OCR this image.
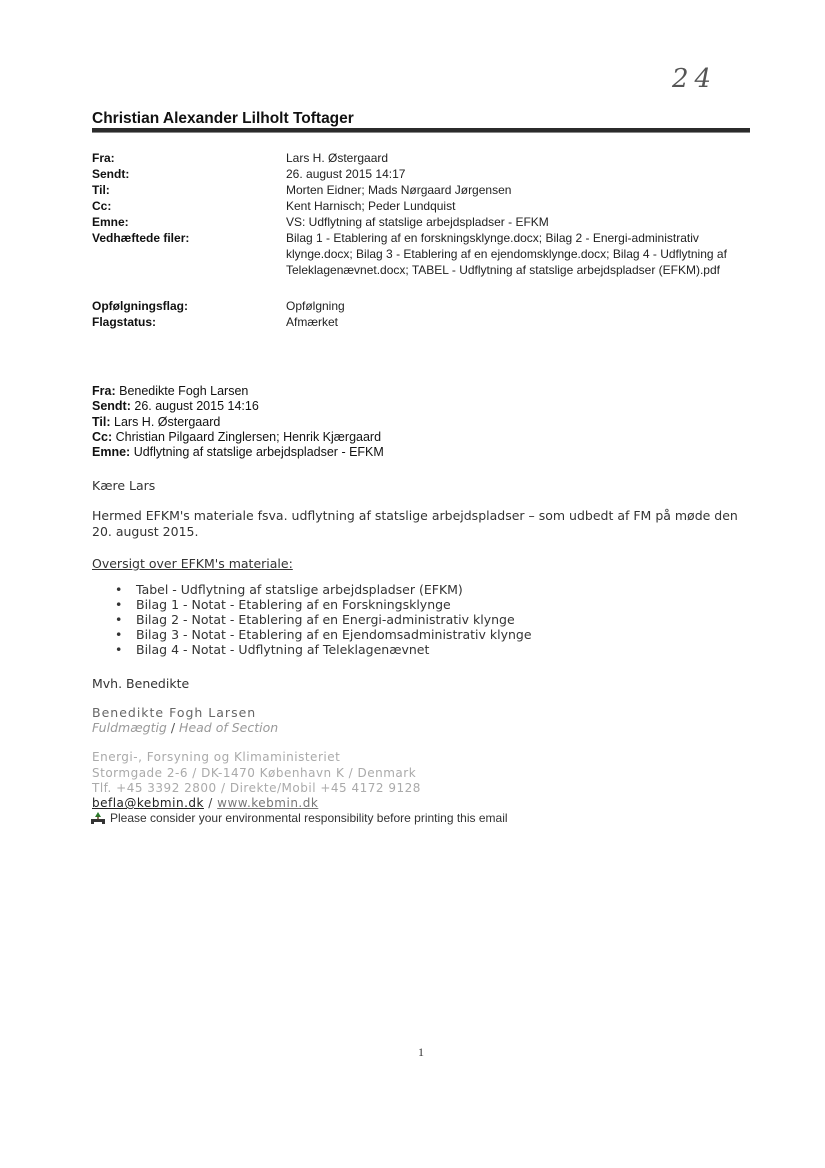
24
Christian Alexander Lilholt Toftager
Fra:	Lars H. Østergaard
Sendt:	26. august 2015 14:17
Til:	Morten Eidner; Mads Nørgaard Jørgensen
Cc:	Kent Harnisch; Peder Lundquist
Emne:	VS: Udflytning af statslige arbejdspladser - EFKM
Vedhæftede filer:	Bilag 1 - Etablering af en forskningsklynge.docx; Bilag 2 - Energi-administrativ klynge.docx; Bilag 3 - Etablering af en ejendomsklynge.docx; Bilag 4 - Udflytning af Teleklagenævnet.docx; TABEL - Udflytning af statslige arbejdspladser (EFKM).pdf
Opfølgningsflag:	Opfølgning
Flagstatus:	Afmærket
Fra: Benedikte Fogh Larsen
Sendt: 26. august 2015 14:16
Til: Lars H. Østergaard
Cc: Christian Pilgaard Zinglersen; Henrik Kjærgaard
Emne: Udflytning af statslige arbejdspladser - EFKM
Kære Lars
Hermed EFKM's materiale fsva. udflytning af statslige arbejdspladser – som udbedt af FM på møde den 20. august 2015.
Oversigt over EFKM's materiale:
• Tabel - Udflytning af statslige arbejdspladser (EFKM)
• Bilag 1 - Notat - Etablering af en Forskningsklynge
• Bilag 2 - Notat - Etablering af en Energi-administrativ klynge
• Bilag 3 - Notat - Etablering af en Ejendomsadministrativ klynge
• Bilag 4 - Notat - Udflytning af Teleklagenævnet
Mvh. Benedikte
Benedikte Fogh Larsen
Fuldmægtig / Head of Section
Energi-, Forsyning og Klimaministeriet
Stormgade 2-6 / DK-1470 København K / Denmark
Tlf. +45 3392 2800 / Direkte/Mobil +45 4172 9128
befla@kebmin.dk / www.kebmin.dk
Please consider your environmental responsibility before printing this email
1
